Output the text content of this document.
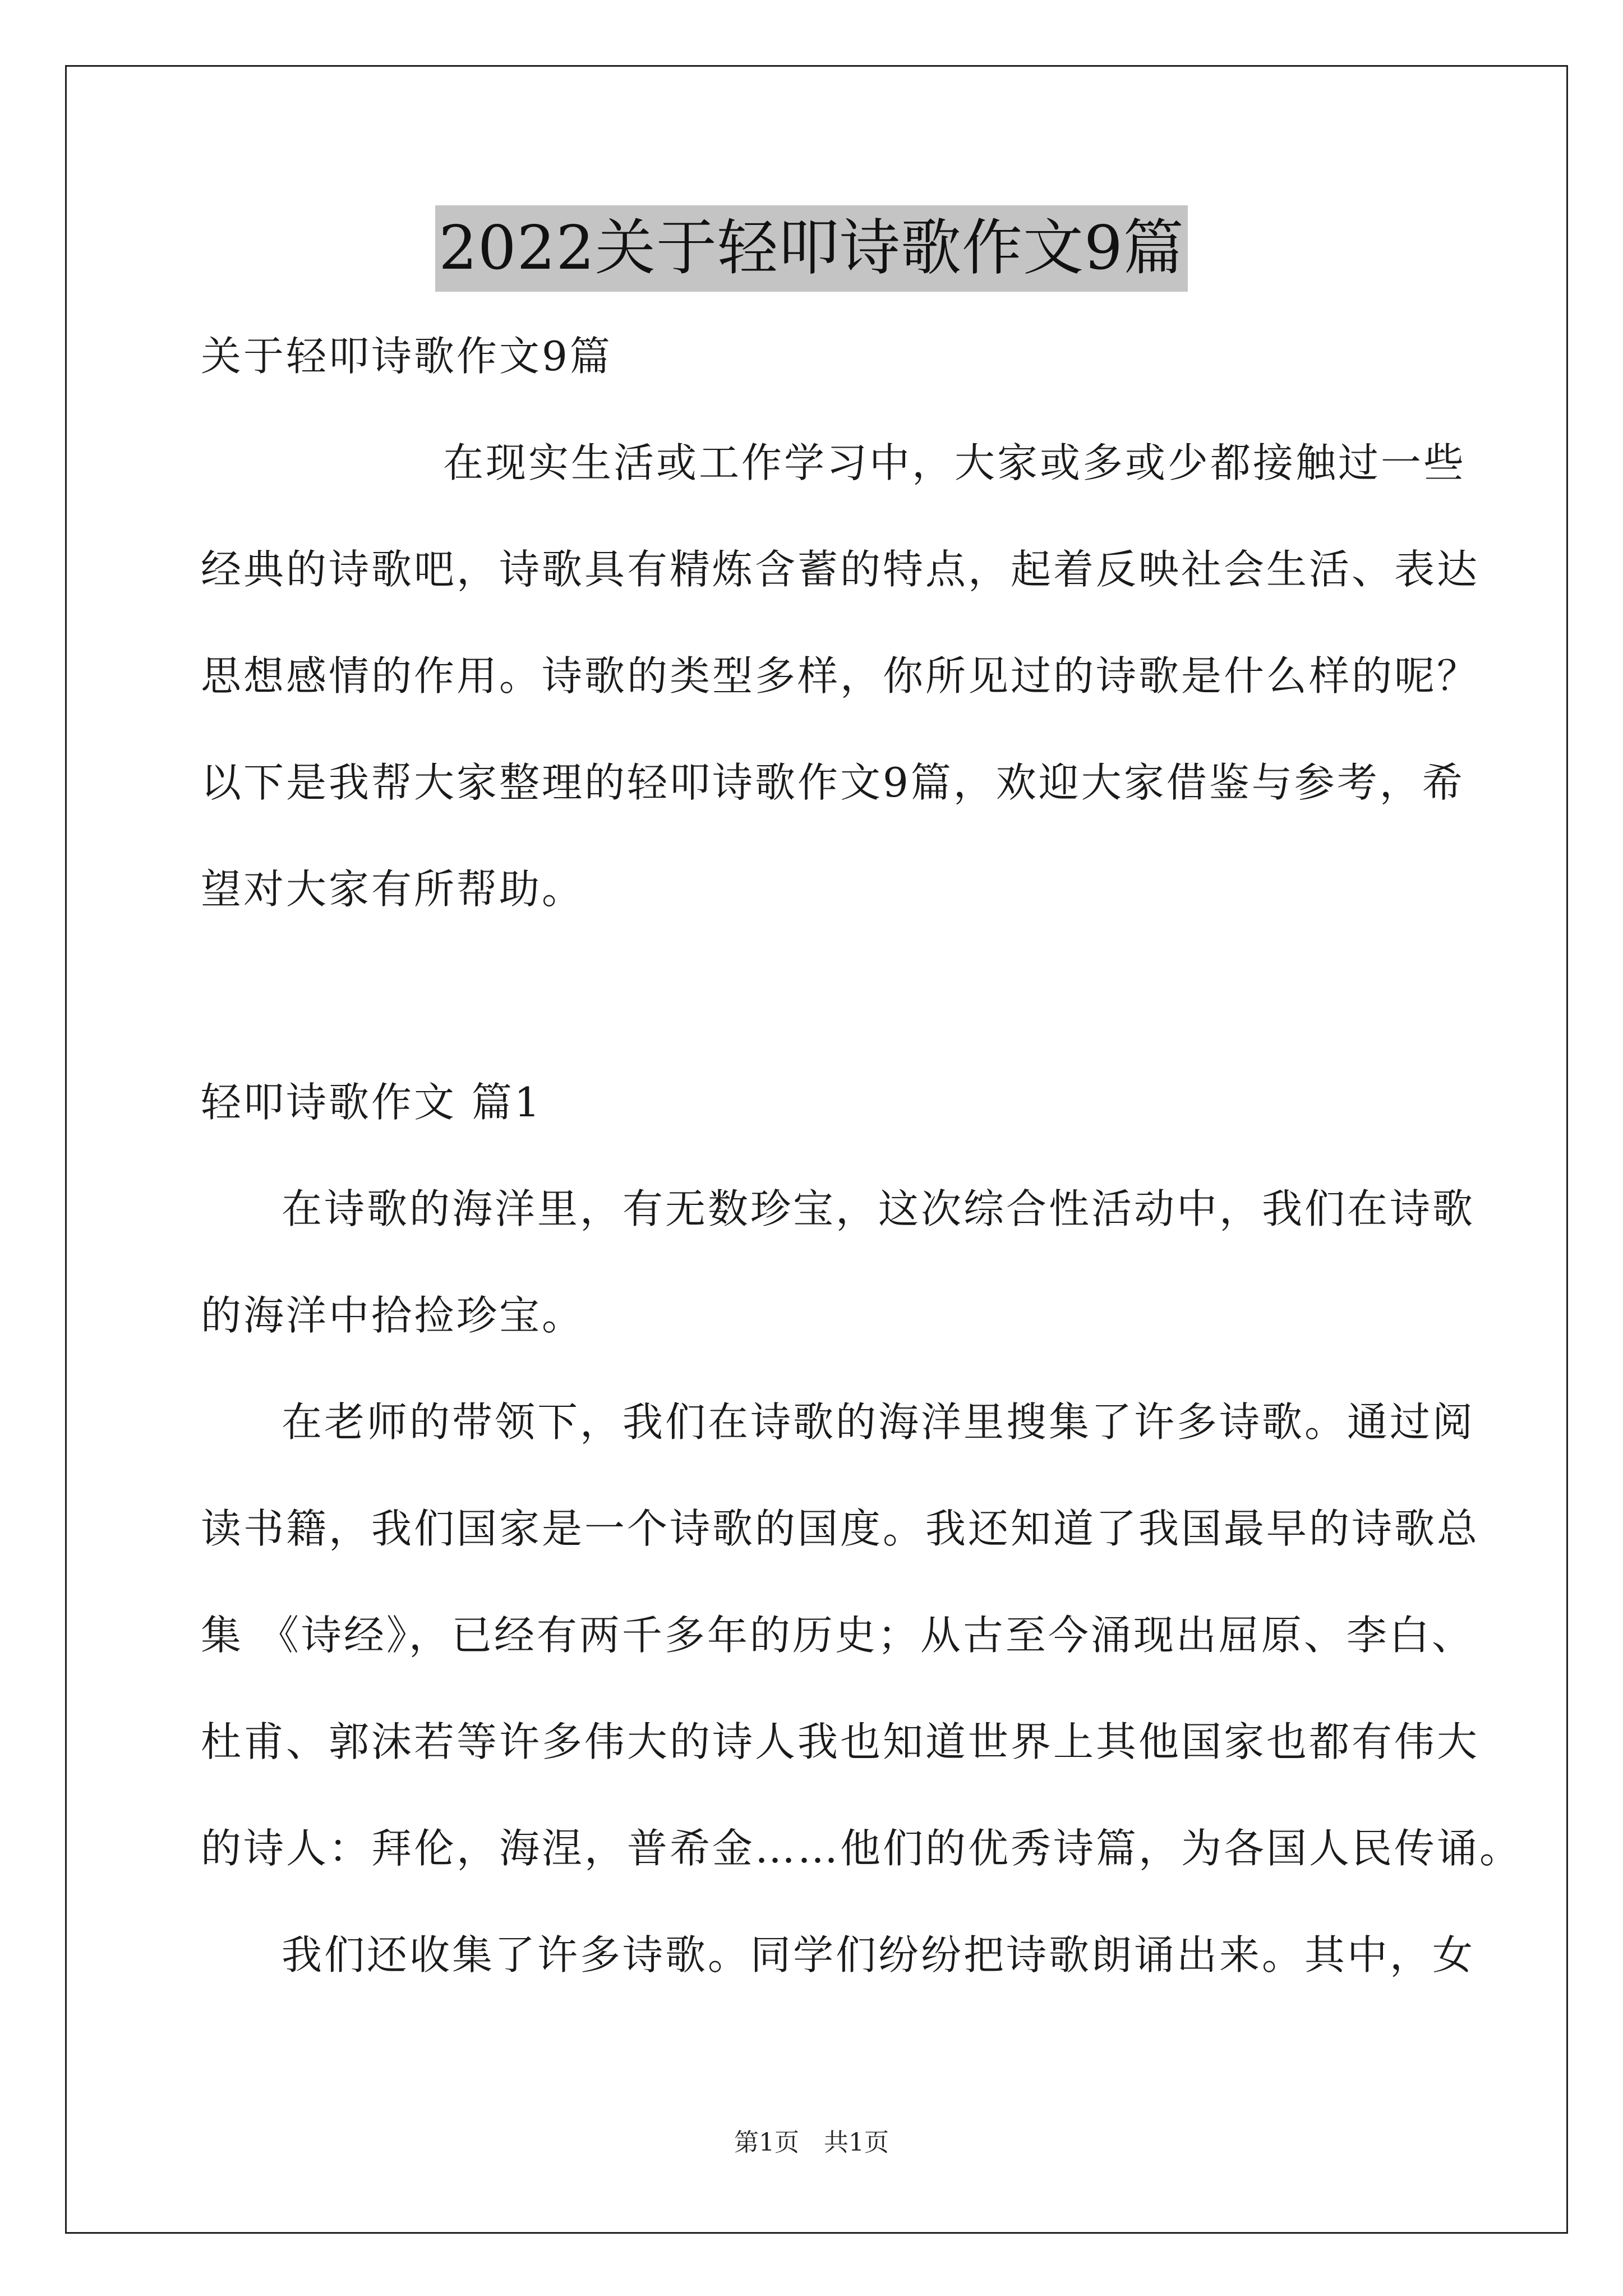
2022关于轻叩诗歌作文9篇
关于轻叩诗歌作文9篇
在现实生活或工作学习中，大家或多或少都接触过一些
经典的诗歌吧，诗歌具有精炼含蓄的特点，起着反映社会生活、表达
思想感情的作用。诗歌的类型多样，你所见过的诗歌是什么样的呢？
以下是我帮大家整理的轻叩诗歌作文9篇，欢迎大家借鉴与参考，希
望对大家有所帮助。
轻叩诗歌作文 篇1
在诗歌的海洋里，有无数珍宝，这次综合性活动中，我们在诗歌
的海洋中拾捡珍宝。
在老师的带领下，我们在诗歌的海洋里搜集了许多诗歌。通过阅
读书籍，我们国家是一个诗歌的国度。我还知道了我国最早的诗歌总
集 《诗经》，已经有两千多年的历史；从古至今涌现出屈原、李白、
杜甫、郭沫若等许多伟大的诗人我也知道世界上其他国家也都有伟大
的诗人：拜伦，海涅，普希金……他们的优秀诗篇，为各国人民传诵。
我们还收集了许多诗歌。同学们纷纷把诗歌朗诵出来。其中，女
第1页　共1页
